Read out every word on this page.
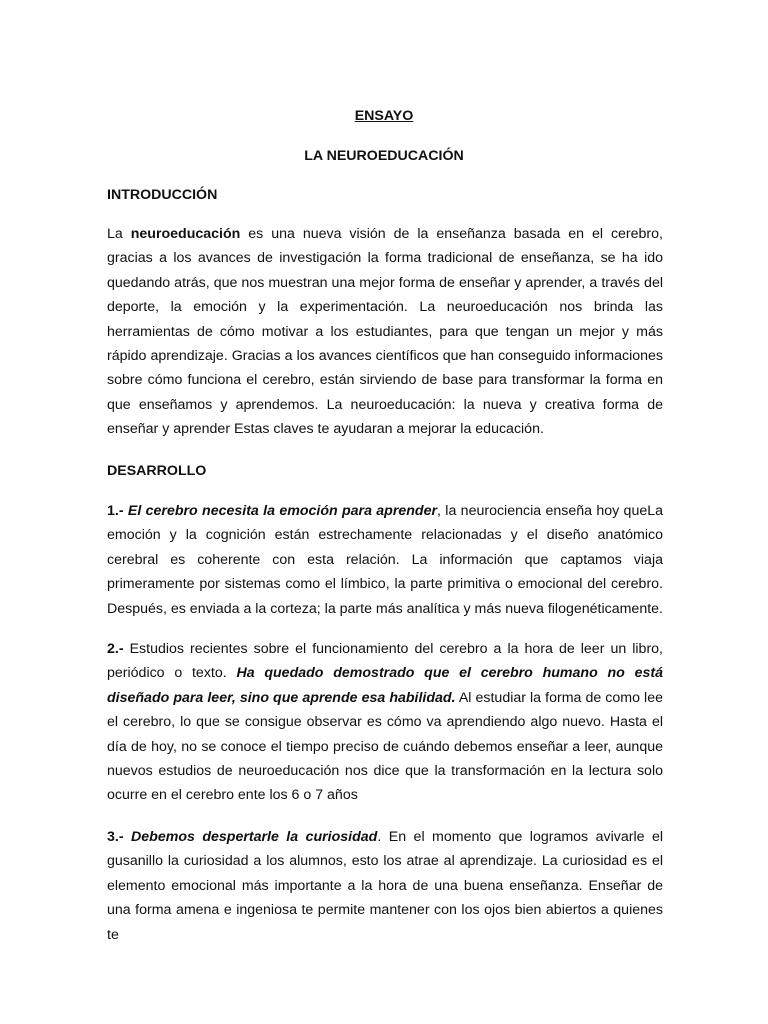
ENSAYO

LA NEUROEDUCACIÓN

INTRODUCCIÓN

La neuroeducación es una nueva visión de la enseñanza basada en el cerebro, gracias a los avances de investigación la forma tradicional de enseñanza, se ha ido quedando atrás, que nos muestran una mejor forma de enseñar y aprender, a través del deporte, la emoción y la experimentación. La neuroeducación nos brinda las herramientas de cómo motivar a los estudiantes, para que tengan un mejor y más rápido aprendizaje. Gracias a los avances científicos que han conseguido informaciones sobre cómo funciona el cerebro, están sirviendo de base para transformar la forma en que enseñamos y aprendemos. La neuroeducación: la nueva y creativa forma de enseñar y aprender Estas claves te ayudaran a mejorar la educación.

DESARROLLO

1.- El cerebro necesita la emoción para aprender, la neurociencia enseña hoy queLa emoción y la cognición están estrechamente relacionadas y el diseño anatómico cerebral es coherente con esta relación. La información que captamos viaja primeramente por sistemas como el límbico, la parte primitiva o emocional del cerebro. Después, es enviada a la corteza; la parte más analítica y más nueva filogenéticamente.

2.- Estudios recientes sobre el funcionamiento del cerebro a la hora de leer un libro, periódico o texto. Ha quedado demostrado que el cerebro humano no está diseñado para leer, sino que aprende esa habilidad. Al estudiar la forma de como lee el cerebro, lo que se consigue observar es cómo va aprendiendo algo nuevo. Hasta el día de hoy, no se conoce el tiempo preciso de cuándo debemos enseñar a leer, aunque nuevos estudios de neuroeducación nos dice que la transformación en la lectura solo ocurre en el cerebro ente los 6 o 7 años

3.- Debemos despertarle la curiosidad. En el momento que logramos avivarle el gusanillo la curiosidad a los alumnos, esto los atrae al aprendizaje. La curiosidad es el elemento emocional más importante a la hora de una buena enseñanza. Enseñar de una forma amena e ingeniosa te permite mantener con los ojos bien abiertos a quienes te
